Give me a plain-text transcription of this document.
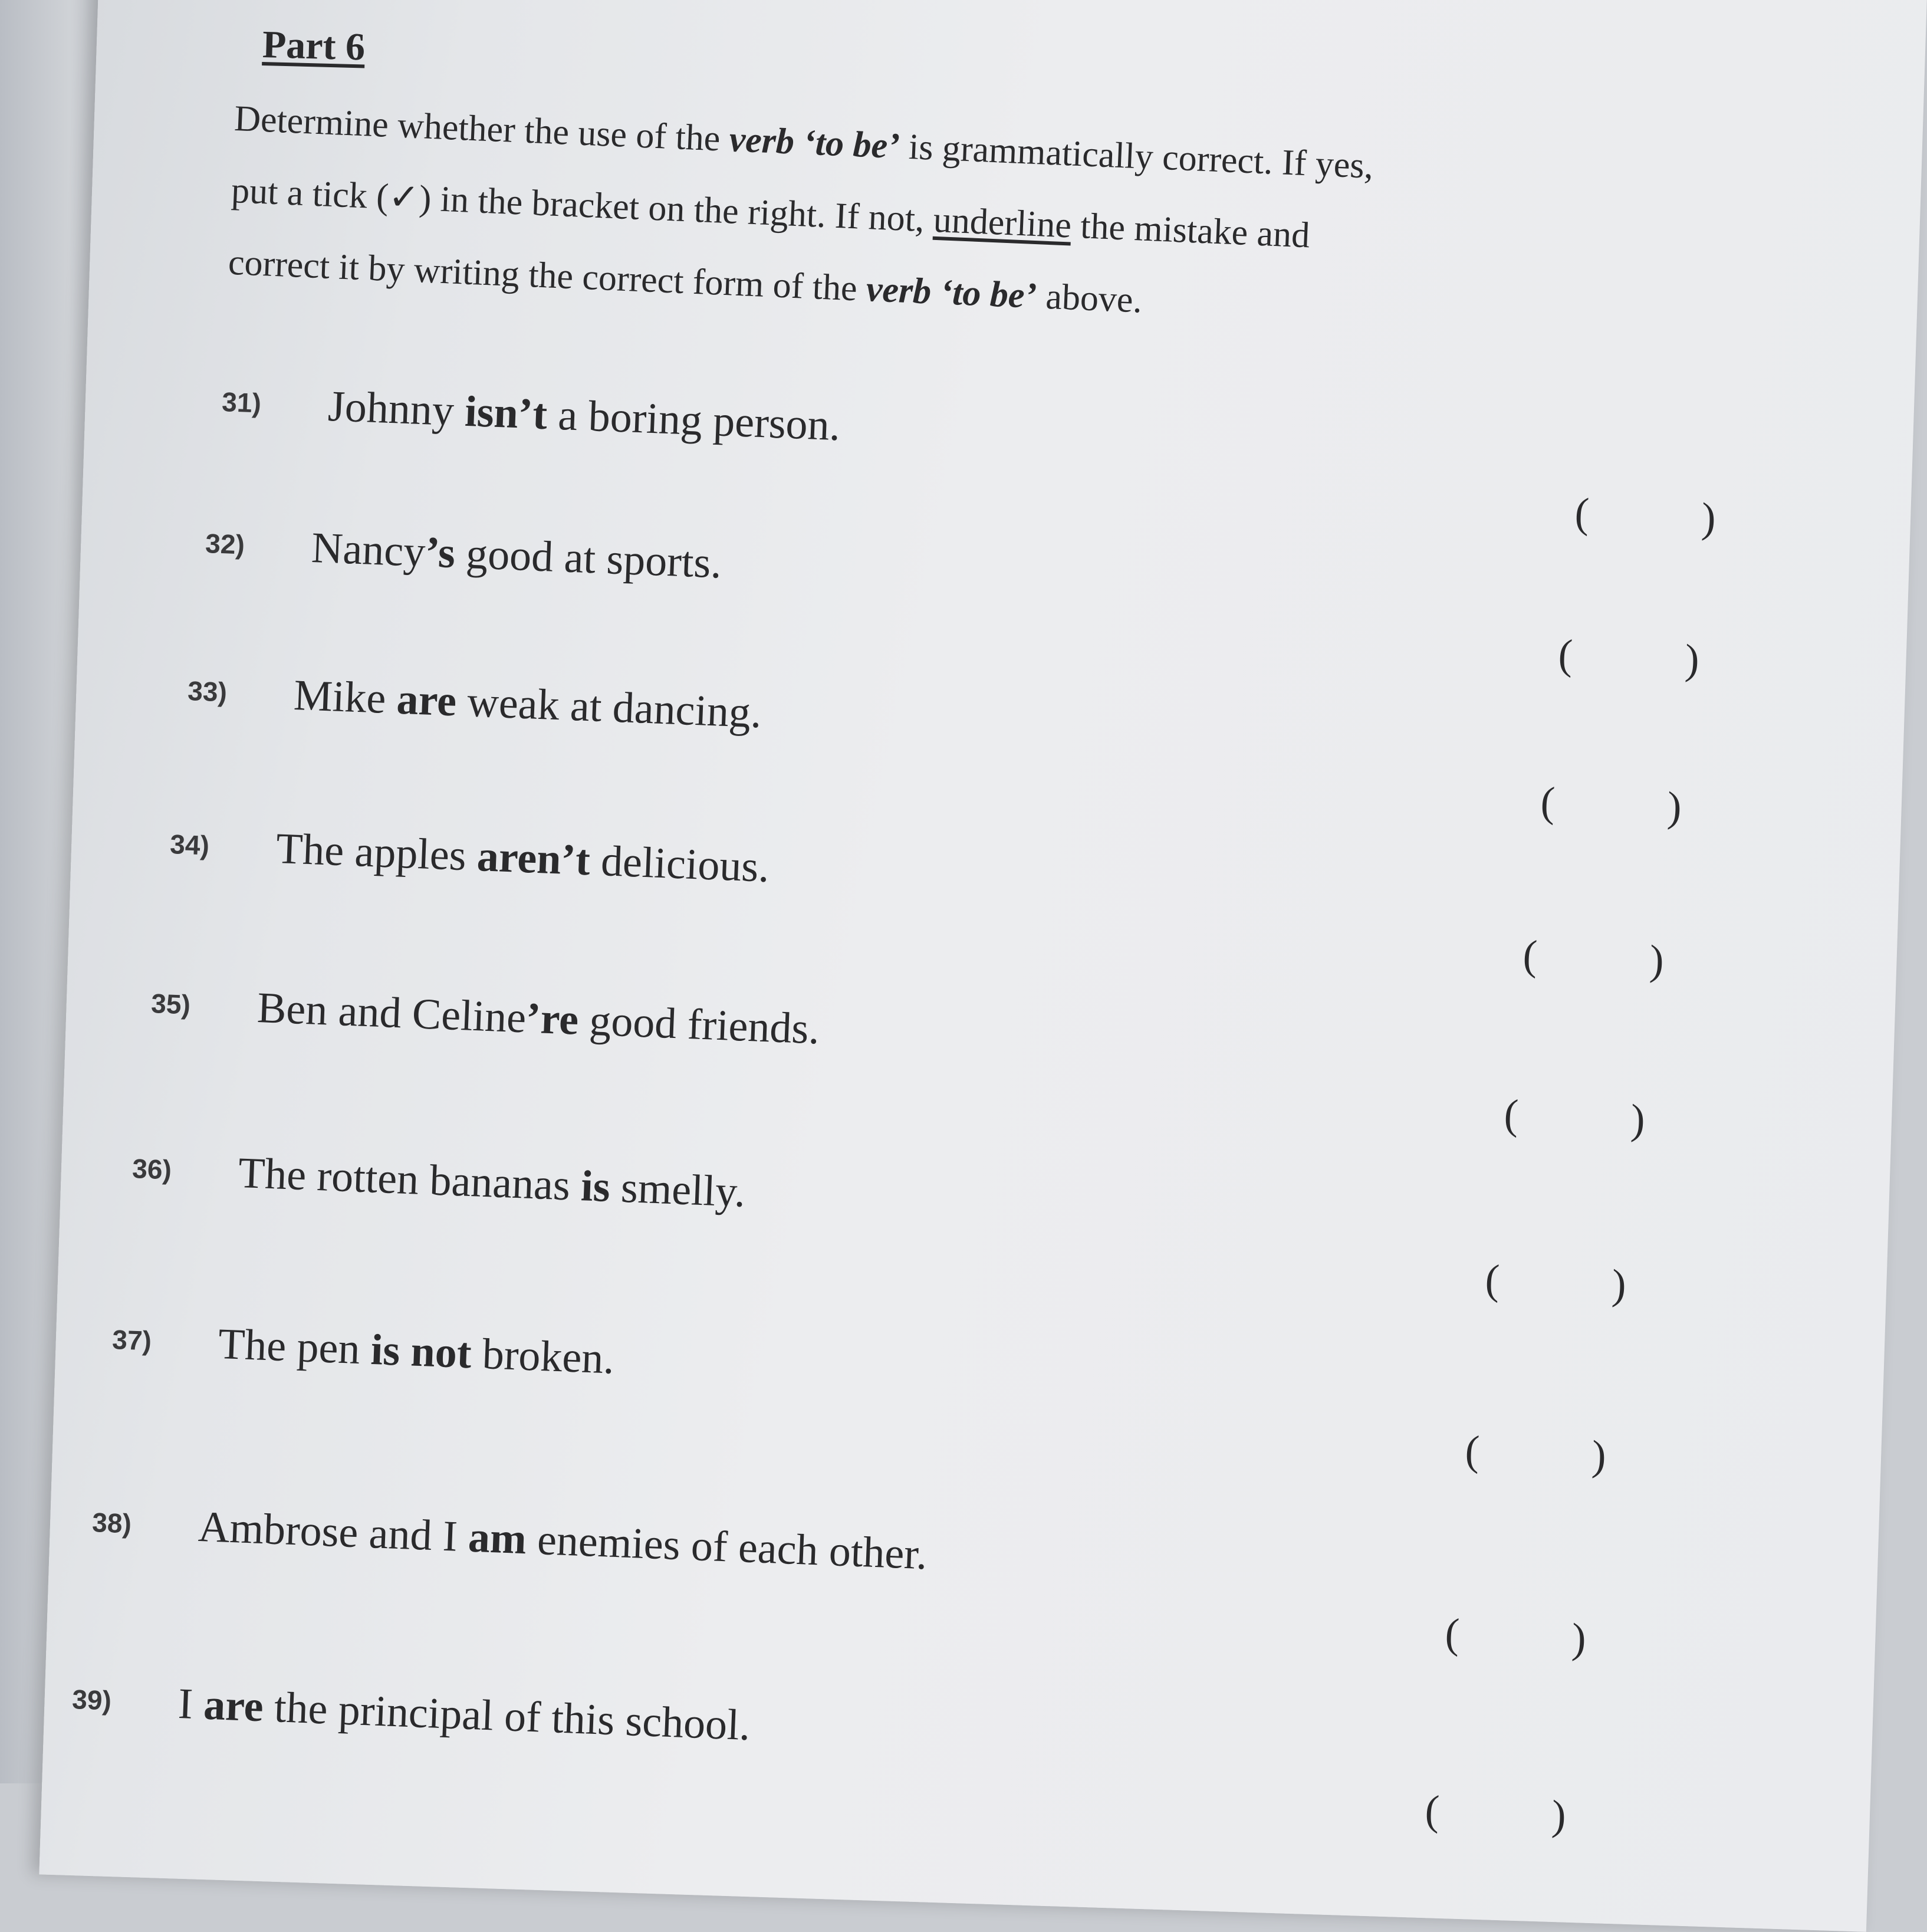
Part 6

Determine whether the use of the verb ‘to be’ is grammatically correct. If yes,

put a tick (✓) in the bracket on the right. If not, underline the mistake and

correct it by writing the correct form of the verb ‘to be’ above.

31) Johnny isn’t a boring person.
(	)
32) Nancy’s good at sports.
(	)
33) Mike are weak at dancing.
(	)
34) The apples aren’t delicious.
(	)
35) Ben and Celine’re good friends.
(	)
36) The rotten bananas is smelly.
(	)
37) The pen is not broken.
(	)
38) Ambrose and I am enemies of each other.
(	)
39) I are the principal of this school.
(	)
